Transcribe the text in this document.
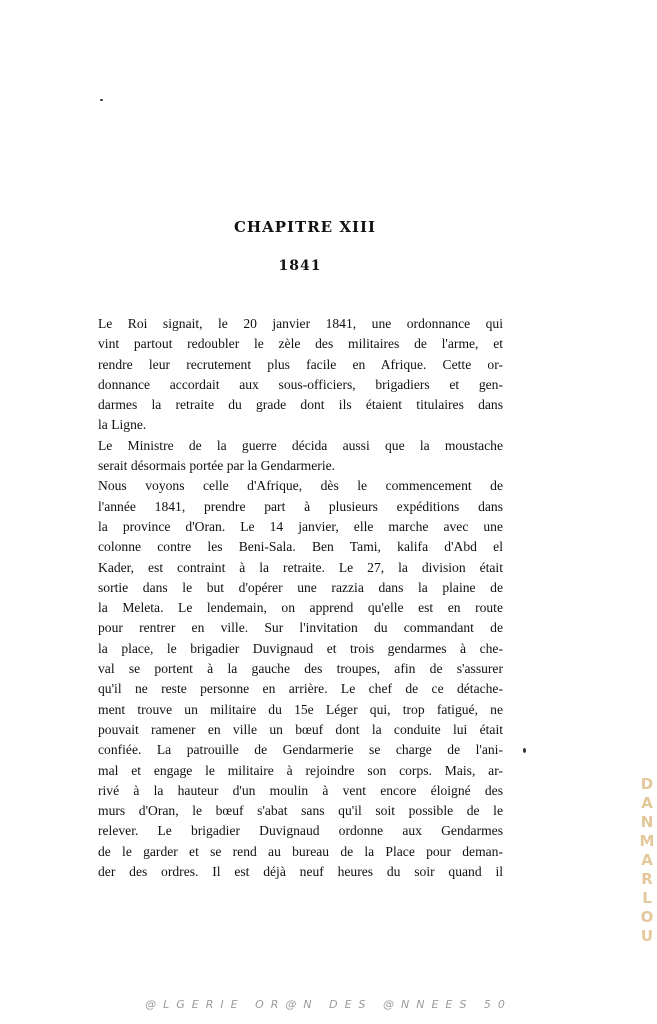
CHAPITRE XIII
1841

Le Roi signait, le 20 janvier 1841, une ordonnance qui
vint partout redoubler le zèle des militaires de l'arme, et
rendre leur recrutement plus facile en Afrique. Cette or-
donnance accordait aux sous-officiers, brigadiers et gen-
darmes la retraite du grade dont ils étaient titulaires dans
la Ligne.

Le Ministre de la guerre décida aussi que la moustache
serait désormais portée par la Gendarmerie.

Nous voyons celle d'Afrique, dès le commencement de
l'année 1841, prendre part à plusieurs expéditions dans
la province d'Oran. Le 14 janvier, elle marche avec une
colonne contre les Beni-Sala. Ben Tami, kalifa d'Abd el
Kader, est contraint à la retraite. Le 27, la division était
sortie dans le but d'opérer une razzia dans la plaine de
la Meleta. Le lendemain, on apprend qu'elle est en route
pour rentrer en ville. Sur l'invitation du commandant de
la place, le brigadier Duvignaud et trois gendarmes à che-
val se portent à la gauche des troupes, afin de s'assurer
qu'il ne reste personne en arrière. Le chef de ce détache-
ment trouve un militaire du 15e Léger qui, trop fatigué, ne
pouvait ramener en ville un bœuf dont la conduite lui était
confiée. La patrouille de Gendarmerie se charge de l'ani-
mal et engage le militaire à rejoindre son corps. Mais, ar-
rivé à la hauteur d'un moulin à vent encore éloigné des
murs d'Oran, le bœuf s'abat sans qu'il soit possible de le
relever. Le brigadier Duvignaud ordonne aux Gendarmes
de le garder et se rend au bureau de la Place pour deman-
der des ordres. Il est déjà neuf heures du soir quand il	DANMARLOU
@LGERIE OR@N DES @NNEES 50
